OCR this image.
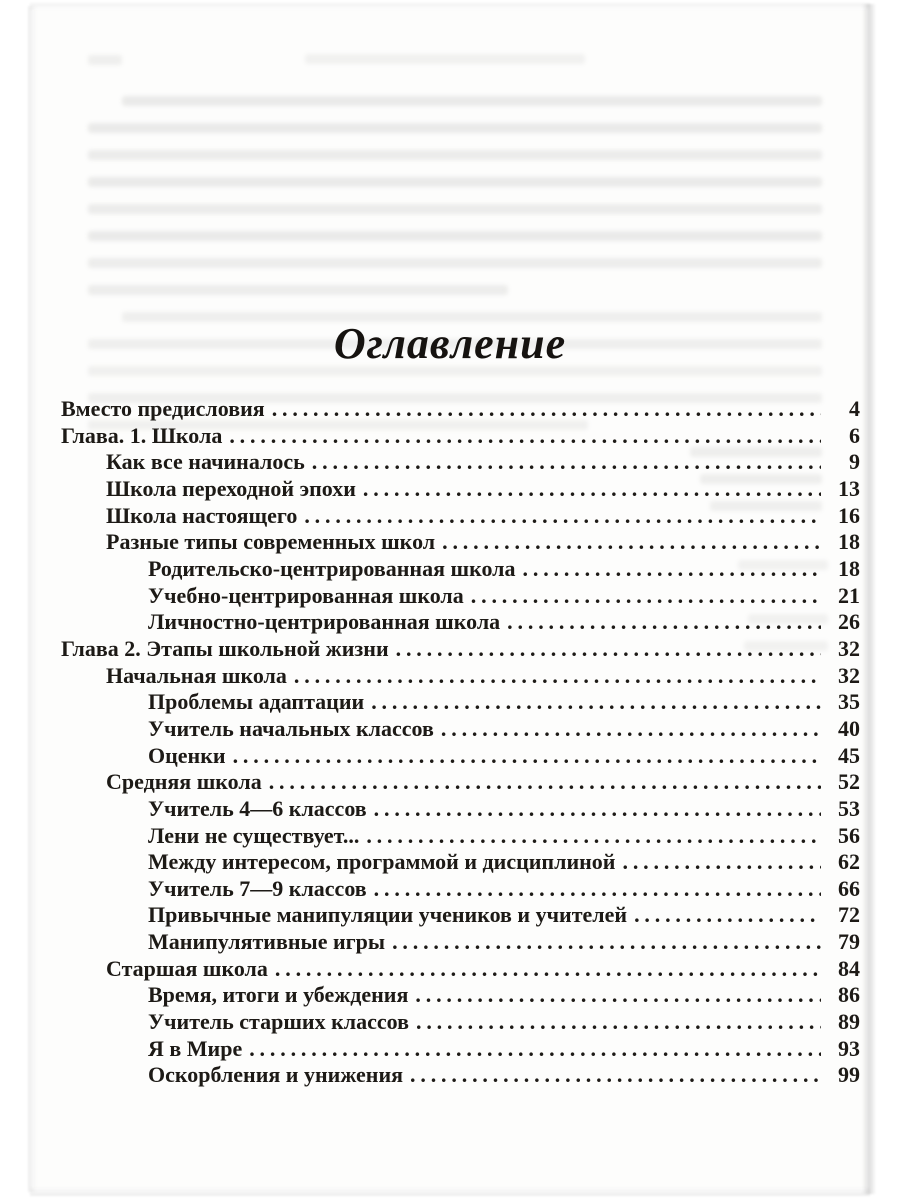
Оглавление
Вместо предисловия .....	4
Глава. 1. Школа .....	6
Как все начиналось .....	9
Школа переходной эпохи .....	13
Школа настоящего .....	16
Разные типы современных школ .....	18
Родительско-центрированная школа .....	18
Учебно-центрированная школа .....	21
Личностно-центрированная школа .....	26
Глава 2. Этапы школьной жизни .....	32
Начальная школа .....	32
Проблемы адаптации .....	35
Учитель начальных классов .....	40
Оценки .....	45
Средняя школа .....	52
Учитель 4—6 классов .....	53
Лени не существует... .....	56
Между интересом, программой и дисциплиной .....	62
Учитель 7—9 классов .....	66
Привычные манипуляции учеников и учителей .....	72
Манипулятивные игры .....	79
Старшая школа .....	84
Время, итоги и убеждения .....	86
Учитель старших классов .....	89
Я в Мире .....	93
Оскорбления и унижения .....	99
